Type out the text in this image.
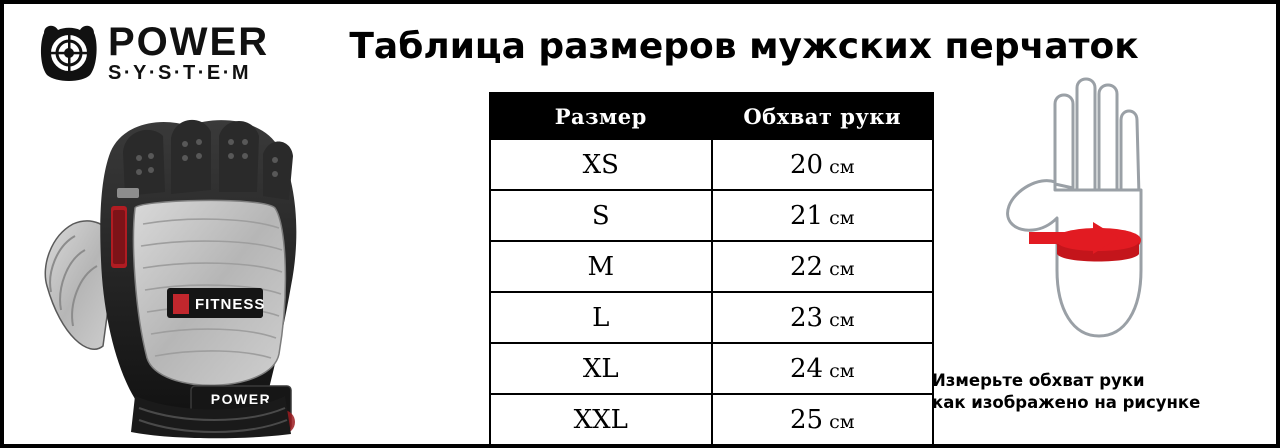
POWER
S·Y·S·T·E·M
Таблица размеров мужских перчаток
FITNESS
POWER
Размер	Обхват руки
XS	20 см
S	21 см
M	22 см
L	23 см
XL	24 см
XXL	25 см
Измерьте обхват руки
как изображено на рисунке
